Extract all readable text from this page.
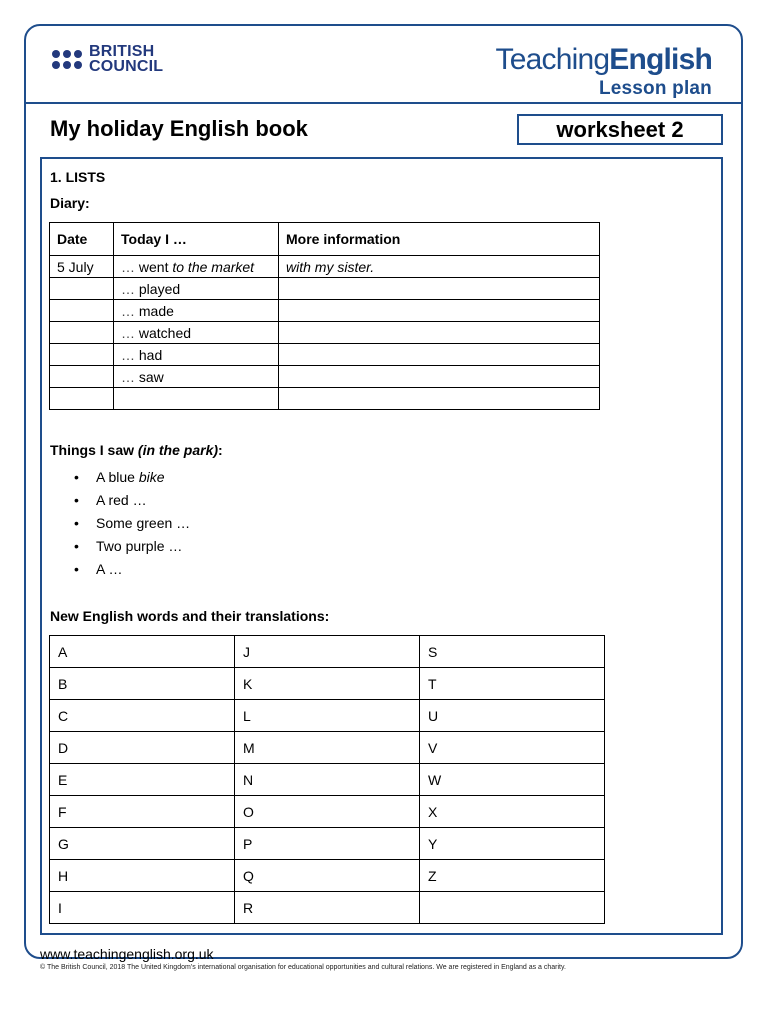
BRITISH
COUNCIL	TeachingEnglish
Lesson plan
My holiday English book	worksheet 2
1. LISTS
Diary:
Date	Today I …	More information
5 July	… went to the market	with my sister.
	… played	
	… made	
	… watched	
	… had	
	… saw	

Things I saw (in the park):
• A blue bike
• A red …
• Some green …
• Two purple …
• A …
New English words and their translations:
A	J	S
B	K	T
C	L	U
D	M	V
E	N	W
F	O	X
G	P	Y
H	Q	Z
I	R	
www.teachingenglish.org.uk
© The British Council, 2018 The United Kingdom’s international organisation for educational opportunities and cultural relations. We are registered in England as a charity.
